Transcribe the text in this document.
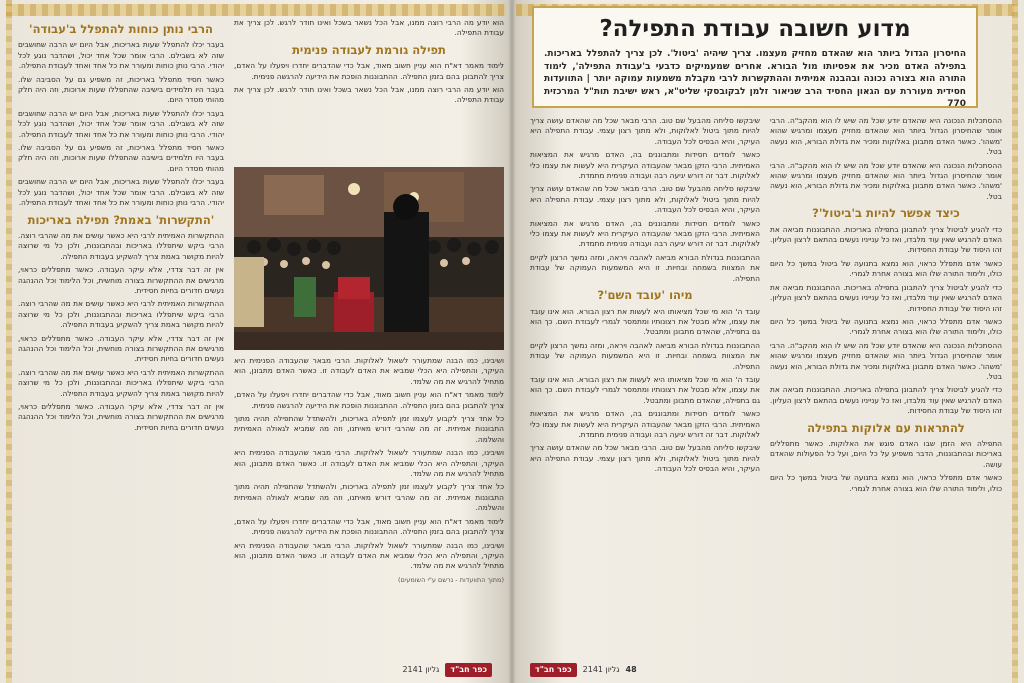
מדוע חשובה עבודת התפילה?
החיסרון הגדול ביותר הוא שהאדם מחזיק מעצמו. צריך שיהיה 'ביטול'. לכן צריך להתפלל באריכות. בתפילה האדם מכיר את אפסיותו מול הבורא. אחרים שמעמיקים כדבעי ב'עבודת התפילה', לימוד התורה הוא בצורה נכונה ובהבנה אמיתית וההתקשרות לרבי מקבלת משמעות עמוקה יותר | התוועדות חסידית מעוררת עם הגאון החסיד הרב שניאור זלמן לבקובסקי שליט"א, ראש ישיבת תות"ל המרכזית 770

ההסתכלות הנכונה היא שהאדם יודע שכל מה שיש לו הוא מהקב"ה. הרבי אומר שהחיסרון הגדול ביותר הוא שהאדם מחזיק מעצמו ומרגיש שהוא 'משהו'. כאשר האדם מתבונן באלוקות ומכיר את גדולת הבורא, הוא נעשה בטל.

ההסתכלות הנכונה היא שהאדם יודע שכל מה שיש לו הוא מהקב"ה. הרבי אומר שהחיסרון הגדול ביותר הוא שהאדם מחזיק מעצמו ומרגיש שהוא 'משהו'. כאשר האדם מתבונן באלוקות ומכיר את גדולת הבורא, הוא נעשה בטל.

כיצד אפשר להיות ב'ביטול'?

כדי להגיע לביטול צריך להתבונן בתפילה באריכות. ההתבוננות מביאה את האדם להרגיש שאין עוד מלבדו, ואז כל ענייניו נעשים בהתאם לרצון העליון. זהו היסוד של עבודת החסידות.

כאשר אדם מתפלל כראוי, הוא נמצא בתנועה של ביטול במשך כל היום כולו, ולימוד התורה שלו הוא בצורה אחרת לגמרי.

כדי להגיע לביטול צריך להתבונן בתפילה באריכות. ההתבוננות מביאה את האדם להרגיש שאין עוד מלבדו, ואז כל ענייניו נעשים בהתאם לרצון העליון. זהו היסוד של עבודת החסידות.

כאשר אדם מתפלל כראוי, הוא נמצא בתנועה של ביטול במשך כל היום כולו, ולימוד התורה שלו הוא בצורה אחרת לגמרי.

ההסתכלות הנכונה היא שהאדם יודע שכל מה שיש לו הוא מהקב"ה. הרבי אומר שהחיסרון הגדול ביותר הוא שהאדם מחזיק מעצמו ומרגיש שהוא 'משהו'. כאשר האדם מתבונן באלוקות ומכיר את גדולת הבורא, הוא נעשה בטל.

כדי להגיע לביטול צריך להתבונן בתפילה באריכות. ההתבוננות מביאה את האדם להרגיש שאין עוד מלבדו, ואז כל ענייניו נעשים בהתאם לרצון העליון. זהו היסוד של עבודת החסידות.

להתראות עם אלוקות בתפילה

התפילה היא הזמן שבו האדם פוגש את האלוקות. כאשר מתפללים באריכות ובהתבוננות, הדבר משפיע על כל היום, ועל כל הפעולות שהאדם עושה.

כאשר אדם מתפלל כראוי, הוא נמצא בתנועה של ביטול במשך כל היום כולו, ולימוד התורה שלו הוא בצורה אחרת לגמרי.

שיבקשו סליחה מהבעל שם טוב. הרבי מבאר שכל מה שהאדם עושה צריך להיות מתוך ביטול לאלוקות, ולא מתוך רצון עצמי. עבודת התפילה היא העיקר, והיא הבסיס לכל העבודה.

כאשר לומדים חסידות ומתבוננים בה, האדם מרגיש את המציאות האמיתית. הרבי הזקן מבאר שהעבודה העיקרית היא לעשות את עצמו כלי לאלוקות. דבר זה דורש יגיעה רבה ועבודה פנימית מתמדת.

שיבקשו סליחה מהבעל שם טוב. הרבי מבאר שכל מה שהאדם עושה צריך להיות מתוך ביטול לאלוקות, ולא מתוך רצון עצמי. עבודת התפילה היא העיקר, והיא הבסיס לכל העבודה.

כאשר לומדים חסידות ומתבוננים בה, האדם מרגיש את המציאות האמיתית. הרבי הזקן מבאר שהעבודה העיקרית היא לעשות את עצמו כלי לאלוקות. דבר זה דורש יגיעה רבה ועבודה פנימית מתמדת.

ההתבוננות בגדולת הבורא מביאה לאהבה ויראה, ומזה נמשך הרצון לקיים את המצוות בשמחה ובחיות. זו היא המשמעות העמוקה של עבודת התפילה.

מיהו 'עובד השם'?

עובד ה' הוא מי שכל מציאותו היא לעשות את רצון הבורא. הוא אינו עובד את עצמו, אלא מבטל את רצונותיו ומתמסר לגמרי לעבודת השם. כך הוא גם בתפילה, שהאדם מתבונן ומתבטל.

ההתבוננות בגדולת הבורא מביאה לאהבה ויראה, ומזה נמשך הרצון לקיים את המצוות בשמחה ובחיות. זו היא המשמעות העמוקה של עבודת התפילה.

עובד ה' הוא מי שכל מציאותו היא לעשות את רצון הבורא. הוא אינו עובד את עצמו, אלא מבטל את רצונותיו ומתמסר לגמרי לעבודת השם. כך הוא גם בתפילה, שהאדם מתבונן ומתבטל.

כאשר לומדים חסידות ומתבוננים בה, האדם מרגיש את המציאות האמיתית. הרבי הזקן מבאר שהעבודה העיקרית היא לעשות את עצמו כלי לאלוקות. דבר זה דורש יגיעה רבה ועבודה פנימית מתמדת.

שיבקשו סליחה מהבעל שם טוב. הרבי מבאר שכל מה שהאדם עושה צריך להיות מתוך ביטול לאלוקות, ולא מתוך רצון עצמי. עבודת התפילה היא העיקר, והיא הבסיס לכל העבודה.

48
גליון 2141
כפר חב"ד

הוא יודע מה הרבי רוצה ממנו, אבל הכל נשאר בשכל ואינו חודר לרגש. לכן צריך את עבודת התפילה.

תפילה גורמת לעבודה פנימית

לימוד מאמר דא"ח הוא עניין חשוב מאוד, אבל כדי שהדברים יחדרו ויפעלו על האדם, צריך להתבונן בהם בזמן התפילה. ההתבוננות הופכת את הידיעה להרגשה פנימית.

הוא יודע מה הרבי רוצה ממנו, אבל הכל נשאר בשכל ואינו חודר לרגש. לכן צריך את עבודת התפילה.

ושיבינו, כמו הבנה שמתעורר לשאול לאלוקות. הרבי מבאר שהעבודה הפנימית היא העיקר, והתפילה היא הכלי שמביא את האדם לעבודה זו. כאשר האדם מתבונן, הוא מתחיל להרגיש את מה שלמד.

לימוד מאמר דא"ח הוא עניין חשוב מאוד, אבל כדי שהדברים יחדרו ויפעלו על האדם, צריך להתבונן בהם בזמן התפילה. ההתבוננות הופכת את הידיעה להרגשה פנימית.

כל אחד צריך לקבוע לעצמו זמן לתפילה באריכות, ולהשתדל שהתפילה תהיה מתוך התבוננות אמיתית. זה מה שהרבי דורש מאיתנו, וזה מה שמביא לגאולה האמיתית והשלמה.

ושיבינו, כמו הבנה שמתעורר לשאול לאלוקות. הרבי מבאר שהעבודה הפנימית היא העיקר, והתפילה היא הכלי שמביא את האדם לעבודה זו. כאשר האדם מתבונן, הוא מתחיל להרגיש את מה שלמד.

כל אחד צריך לקבוע לעצמו זמן לתפילה באריכות, ולהשתדל שהתפילה תהיה מתוך התבוננות אמיתית. זה מה שהרבי דורש מאיתנו, וזה מה שמביא לגאולה האמיתית והשלמה.

לימוד מאמר דא"ח הוא עניין חשוב מאוד, אבל כדי שהדברים יחדרו ויפעלו על האדם, צריך להתבונן בהם בזמן התפילה. ההתבוננות הופכת את הידיעה להרגשה פנימית.

ושיבינו, כמו הבנה שמתעורר לשאול לאלוקות. הרבי מבאר שהעבודה הפנימית היא העיקר, והתפילה היא הכלי שמביא את האדם לעבודה זו. כאשר האדם מתבונן, הוא מתחיל להרגיש את מה שלמד.

(מתוך התוועדות - נרשם ע"י השומעים)

הרבי נותן כוחות להתפלל ב'עבודה'

בעבר יכלו להתפלל שעות באריכות, אבל היום יש הרבה שחושבים שזה לא בשבילם. הרבי אומר שכל אחד יכול, ושהדבר נוגע לכל יהודי. הרבי נותן כוחות ומעורר את כל אחד ואחד לעבודת התפילה.

כאשר חסיד מתפלל באריכות, זה משפיע גם על הסביבה שלו. בעבר היו תלמידים בישיבה שהתפללו שעות ארוכות, וזה היה חלק מהותי מסדר היום.

בעבר יכלו להתפלל שעות באריכות, אבל היום יש הרבה שחושבים שזה לא בשבילם. הרבי אומר שכל אחד יכול, ושהדבר נוגע לכל יהודי. הרבי נותן כוחות ומעורר את כל אחד ואחד לעבודת התפילה.

כאשר חסיד מתפלל באריכות, זה משפיע גם על הסביבה שלו. בעבר היו תלמידים בישיבה שהתפללו שעות ארוכות, וזה היה חלק מהותי מסדר היום.

בעבר יכלו להתפלל שעות באריכות, אבל היום יש הרבה שחושבים שזה לא בשבילם. הרבי אומר שכל אחד יכול, ושהדבר נוגע לכל יהודי. הרבי נותן כוחות ומעורר את כל אחד ואחד לעבודת התפילה.

'התקשרות' באמת? תפילה באריכות

ההתקשרות האמיתית לרבי היא כאשר עושים את מה שהרבי רוצה. הרבי ביקש שיתפללו באריכות ובהתבוננות, ולכן כל מי שרוצה להיות מקושר באמת צריך להשקיע בעבודת התפילה.

אין זה דבר צדדי, אלא עיקר העבודה. כאשר מתפללים כראוי, מרגישים את ההתקשרות בצורה מוחשית, וכל הלימוד וכל ההנהגה נעשים חדורים בחיות חסידית.

ההתקשרות האמיתית לרבי היא כאשר עושים את מה שהרבי רוצה. הרבי ביקש שיתפללו באריכות ובהתבוננות, ולכן כל מי שרוצה להיות מקושר באמת צריך להשקיע בעבודת התפילה.

אין זה דבר צדדי, אלא עיקר העבודה. כאשר מתפללים כראוי, מרגישים את ההתקשרות בצורה מוחשית, וכל הלימוד וכל ההנהגה נעשים חדורים בחיות חסידית.

ההתקשרות האמיתית לרבי היא כאשר עושים את מה שהרבי רוצה. הרבי ביקש שיתפללו באריכות ובהתבוננות, ולכן כל מי שרוצה להיות מקושר באמת צריך להשקיע בעבודת התפילה.

אין זה דבר צדדי, אלא עיקר העבודה. כאשר מתפללים כראוי, מרגישים את ההתקשרות בצורה מוחשית, וכל הלימוד וכל ההנהגה נעשים חדורים בחיות חסידית.

כפר חב"ד
גליון 2141
